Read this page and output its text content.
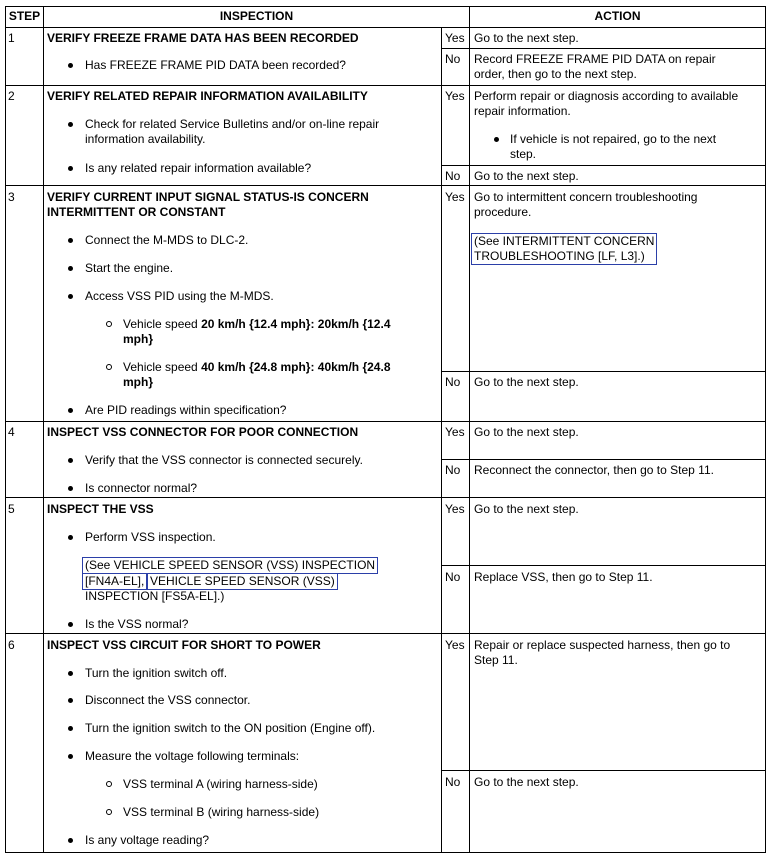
STEP	INSPECTION	ACTION
1	VERIFY FREEZE FRAME DATA HAS BEEN RECORDED
Has FREEZE FRAME PID DATA been recorded?
Yes Go to the next step.
No Record FREEZE FRAME PID DATA on repair
order, then go to the next step.
2	VERIFY RELATED REPAIR INFORMATION AVAILABILITY
Check for related Service Bulletins and/or on-line repair
information availability.
Is any related repair information available?
Yes Perform repair or diagnosis according to available
repair information.
If vehicle is not repaired, go to the next
step.
No Go to the next step.
3	VERIFY CURRENT INPUT SIGNAL STATUS-IS CONCERN
INTERMITTENT OR CONSTANT
Connect the M-MDS to DLC-2.
Start the engine.
Access VSS PID using the M-MDS.
Vehicle speed 20 km/h {12.4 mph}: 20km/h {12.4
mph}
Vehicle speed 40 km/h {24.8 mph}: 40km/h {24.8
mph}
Are PID readings within specification?
Yes Go to intermittent concern troubleshooting
procedure.
(See INTERMITTENT CONCERN
TROUBLESHOOTING [LF, L3].)
No Go to the next step.
4	INSPECT VSS CONNECTOR FOR POOR CONNECTION
Verify that the VSS connector is connected securely.
Is connector normal?
Yes Go to the next step.
No Reconnect the connector, then go to Step 11.
5	INSPECT THE VSS
Perform VSS inspection.
(See VEHICLE SPEED SENSOR (VSS) INSPECTION
[FN4A-EL], VEHICLE SPEED SENSOR (VSS)
INSPECTION [FS5A-EL].)
Is the VSS normal?
Yes Go to the next step.
No Replace VSS, then go to Step 11.
6	INSPECT VSS CIRCUIT FOR SHORT TO POWER
Turn the ignition switch off.
Disconnect the VSS connector.
Turn the ignition switch to the ON position (Engine off).
Measure the voltage following terminals:
VSS terminal A (wiring harness-side)
VSS terminal B (wiring harness-side)
Is any voltage reading?
Yes Repair or replace suspected harness, then go to
Step 11.
No Go to the next step.
